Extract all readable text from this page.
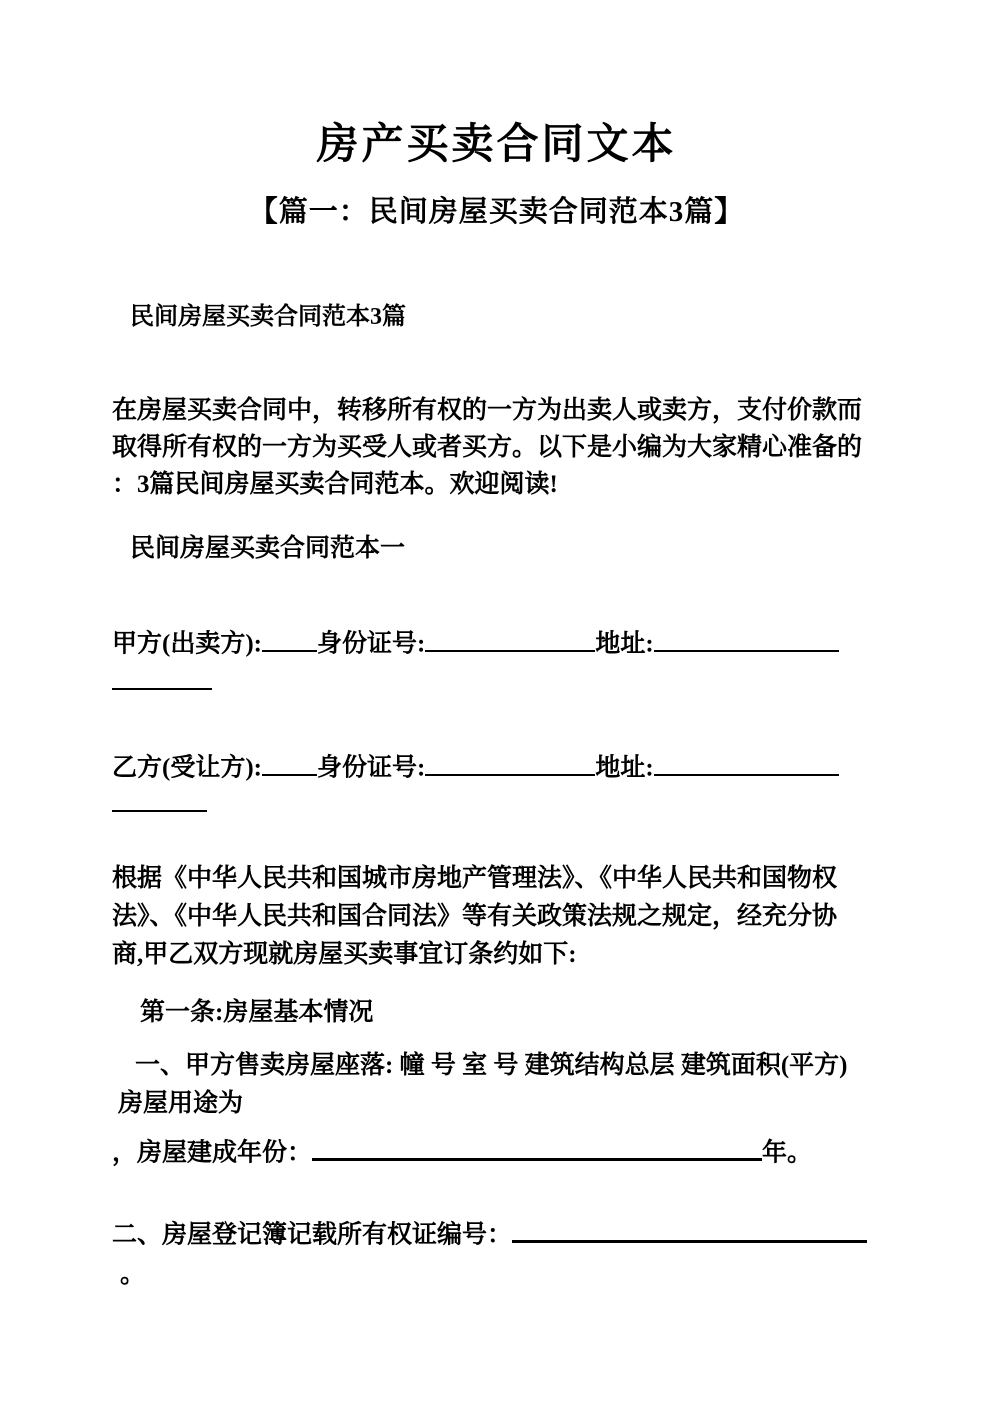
房产买卖合同文本
【篇一：民间房屋买卖合同范本3篇】
民间房屋买卖合同范本3篇
在房屋买卖合同中，转移所有权的一方为出卖人或卖方，支付价款而
取得所有权的一方为买受人或者买方。以下是小编为大家精心准备的
：3篇民间房屋买卖合同范本。欢迎阅读!
民间房屋买卖合同范本一
甲方(出卖方): 身份证号:	地址:
乙方(受让方): 身份证号:	地址:
根据《中华人民共和国城市房地产管理法》、《中华人民共和国物权
法》、《中华人民共和国合同法》等有关政策法规之规定，经充分协
商,甲乙双方现就房屋买卖事宜订条约如下:
第一条:房屋基本情况
一、甲方售卖房屋座落: 幢 号 室 号 建筑结构总层 建筑面积(平方)
房屋用途为
，房屋建成年份：	年。
二、房屋登记簿记载所有权证编号：
。
